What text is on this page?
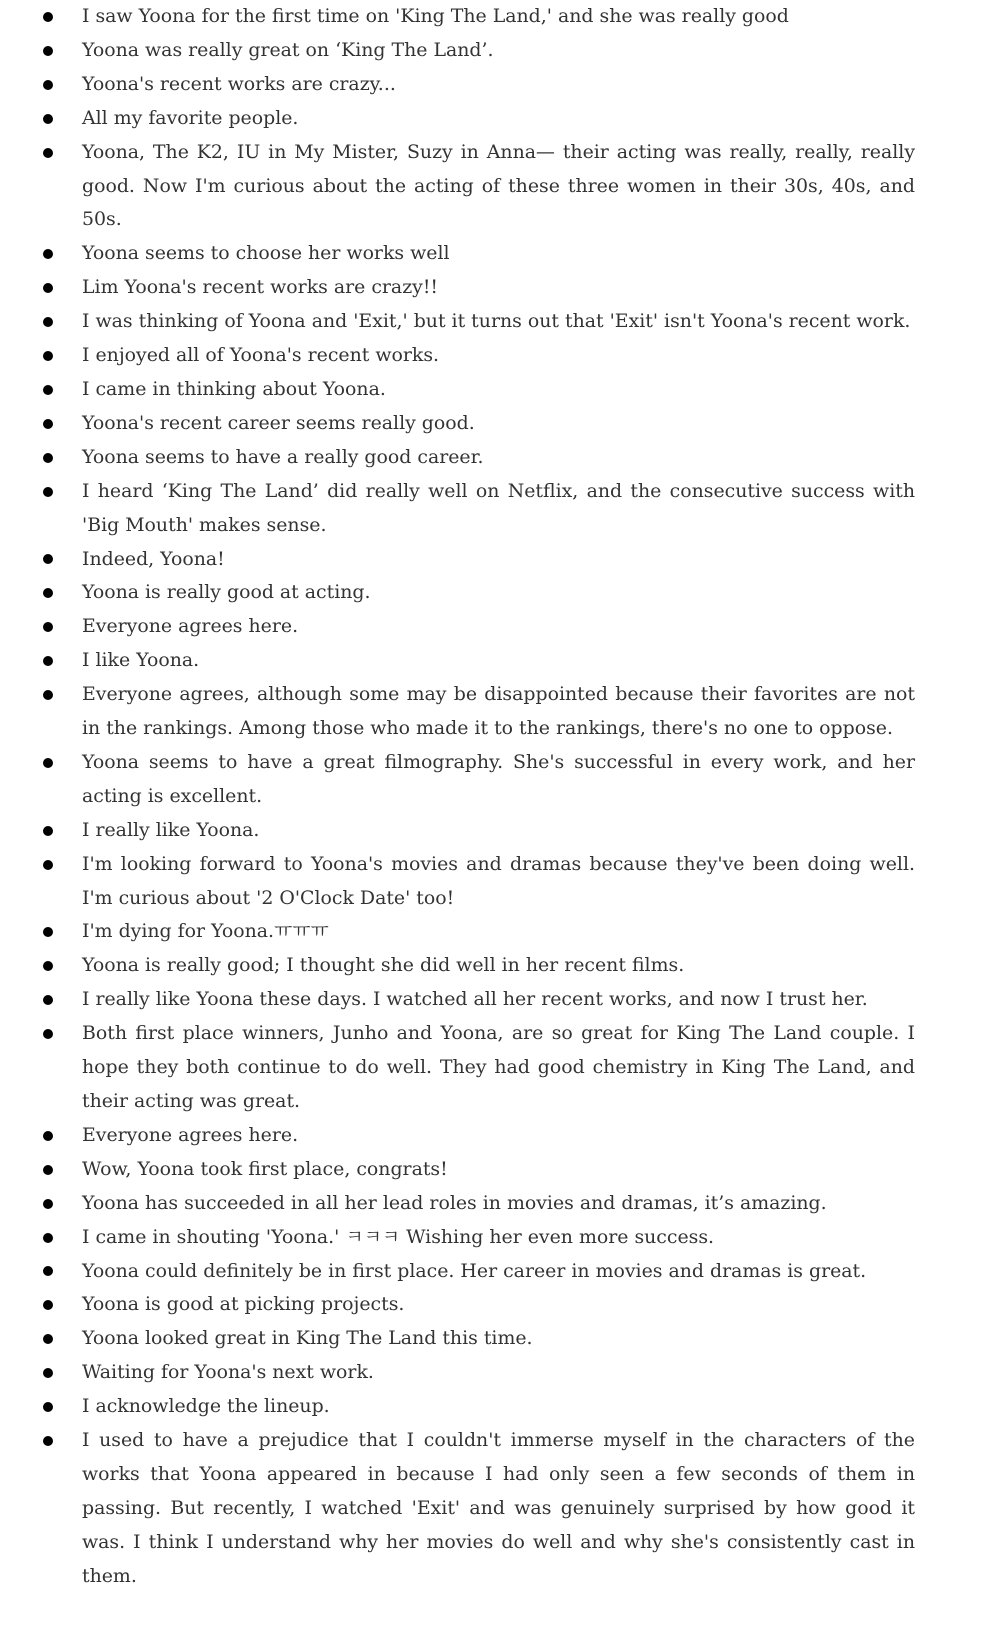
I saw Yoona for the first time on 'King The Land,' and she was really good
Yoona was really great on ‘King The Land’.
Yoona's recent works are crazy...
All my favorite people.
Yoona, The K2, IU in My Mister, Suzy in Anna— their acting was really, really, really good. Now I'm curious about the acting of these three women in their 30s, 40s, and 50s.
Yoona seems to choose her works well
Lim Yoona's recent works are crazy!!
I was thinking of Yoona and 'Exit,' but it turns out that 'Exit' isn't Yoona's recent work.
I enjoyed all of Yoona's recent works.
I came in thinking about Yoona.
Yoona's recent career seems really good.
Yoona seems to have a really good career.
I heard ‘King The Land’ did really well on Netflix, and the consecutive success with 'Big Mouth' makes sense.
Indeed, Yoona!
Yoona is really good at acting.
Everyone agrees here.
I like Yoona.
Everyone agrees, although some may be disappointed because their favorites are not in the rankings. Among those who made it to the rankings, there's no one to oppose.
Yoona seems to have a great filmography. She's successful in every work, and her acting is excellent.
I really like Yoona.
I'm looking forward to Yoona's movies and dramas because they've been doing well. I'm curious about '2 O'Clock Date' too!
I'm dying for Yoona.ㅠㅠㅠ
Yoona is really good; I thought she did well in her recent films.
I really like Yoona these days. I watched all her recent works, and now I trust her.
Both first place winners, Junho and Yoona, are so great for King The Land couple. I hope they both continue to do well. They had good chemistry in King The Land, and their acting was great.
Everyone agrees here.
Wow, Yoona took first place, congrats!
Yoona has succeeded in all her lead roles in movies and dramas, it’s amazing.
I came in shouting 'Yoona.' ㅋㅋㅋ Wishing her even more success.
Yoona could definitely be in first place. Her career in movies and dramas is great.
Yoona is good at picking projects.
Yoona looked great in King The Land this time.
Waiting for Yoona's next work.
I acknowledge the lineup.
I used to have a prejudice that I couldn't immerse myself in the characters of the works that Yoona appeared in because I had only seen a few seconds of them in passing. But recently, I watched 'Exit' and was genuinely surprised by how good it was. I think I understand why her movies do well and why she's consistently cast in them.
